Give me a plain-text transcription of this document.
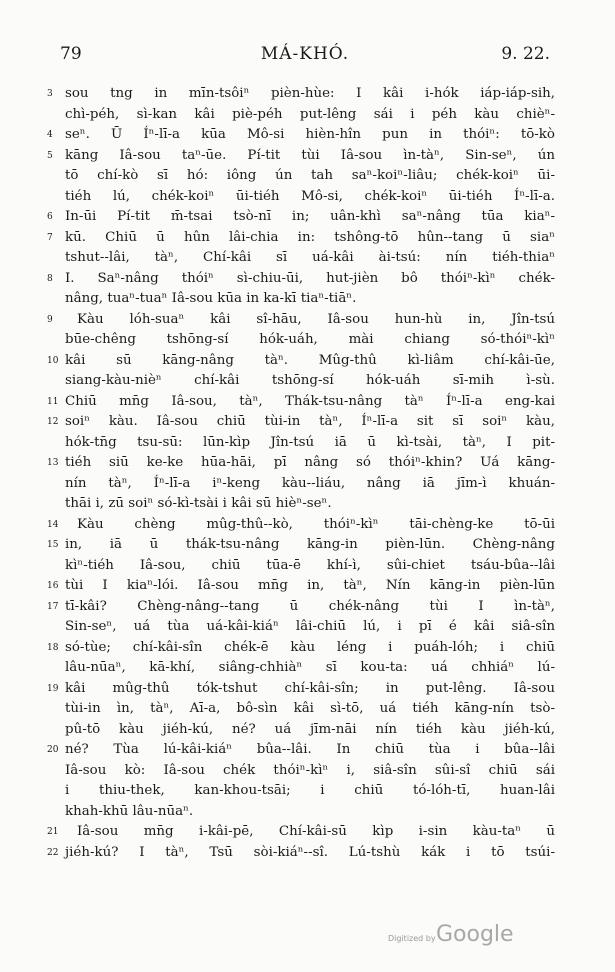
79	MÁ-KHÓ.	9. 22.
3 sou tng in mīn-tsôiⁿ pièn-hùe: I kâi i-hók iáp-iáp-sih,
chì-péh, sì-kan kâi piè-péh put-lêng sái i péh kàu chièⁿ-
4 seⁿ. Ū Íⁿ-lī-a kūa Mô-si hièn-hîn pun in thóiⁿ: tō-kò
5 kāng Iâ-sou taⁿ-ūe. Pí-tit tùi Iâ-sou ìn-tàⁿ, Sin-seⁿ, ún
tō chí-kò sī hó: iông ún tah saⁿ-koiⁿ-liâu; chék-koiⁿ ūi-
tiéh lú, chék-koiⁿ ūi-tiéh Mô-si, chék-koiⁿ ūi-tiéh Íⁿ-lī-a.
6 In-ūi Pí-tit m̄-tsai tsò-nī in; uân-khì saⁿ-nâng tūa kiaⁿ-
7 kū. Chiū ū hûn lâi-chia in: tshông-tō hûn--tang ū siaⁿ
tshut--lâi, tàⁿ, Chí-kâi sī uá-kâi ài-tsú: nín tiéh-thiaⁿ
8 I. Saⁿ-nâng thóiⁿ sì-chiu-ūi, hut-jièn bô thóiⁿ-kìⁿ chék-
nâng, tuaⁿ-tuaⁿ Iâ-sou kūa in ka-kī tiaⁿ-tiāⁿ.
9	Kàu lóh-suaⁿ kâi sî-hāu, Iâ-sou hun-hù in, Jîn-tsú
būe-chêng tshōng-sí hók-uáh, mài chiang só-thóiⁿ-kìⁿ
10 kâi sū kāng-nâng tàⁿ. Mûg-thû kì-liâm chí-kâi-ūe,
siang-kàu-nièⁿ chí-kâi tshōng-sí hók-uáh sī-mih ì-sù.
11 Chiū mn̄g Iâ-sou, tàⁿ, Thák-tsu-nâng tàⁿ Íⁿ-lī-a eng-kai
12 soiⁿ kàu. Iâ-sou chiū tùi-in tàⁿ, Íⁿ-lī-a sit sī soiⁿ kàu,
hók-tn̄g tsu-sū: lūn-kìp Jîn-tsú iā ū kì-tsài, tàⁿ, I pit-
13 tiéh siū ke-ke hūa-hāi, pī nâng só thóiⁿ-khin? Uá kāng-
nín tàⁿ, Íⁿ-lī-a iⁿ-keng kàu--liáu, nâng iā jīm-ì khuán-
thāi i, zū soiⁿ só-kì-tsài i kâi sū hièⁿ-seⁿ.
14	Kàu chèng mûg-thû--kò, thóiⁿ-kìⁿ tāi-chèng-ke tō-ūi
15 in, iā ū thák-tsu-nâng kāng-in pièn-lūn. Chèng-nâng
kìⁿ-tiéh Iâ-sou, chiū tūa-ē khí-ì, sûi-chiet tsáu-bûa--lâi
16 tùi I kiaⁿ-lói. Iâ-sou mn̄g in, tàⁿ, Nín kāng-in pièn-lūn
17 tī-kâi? Chèng-nâng--tang ū chék-nâng tùi I ìn-tàⁿ,
Sin-seⁿ, uá tùa uá-kâi-kiáⁿ lâi-chiū lú, i pī é kâi siâ-sîn
18 só-tùe; chí-kâi-sîn chék-ē kàu léng i puáh-lóh; i chiū
lâu-nūaⁿ, kā-khí, siâng-chhiàⁿ sī kou-ta: uá chhiáⁿ lú-
19 kâi mûg-thû tók-tshut chí-kâi-sîn; in put-lêng. Iâ-sou
tùi-in ìn, tàⁿ, Aī-a, bô-sìn kâi sì-tō, uá tiéh kāng-nín tsò-
pû-tō kàu jiéh-kú, né? uá jīm-nāi nín tiéh kàu jiéh-kú,
20 né? Tùa lú-kâi-kiáⁿ bûa--lâi. In chiū tùa i bûa--lâi
Iâ-sou kò: Iâ-sou chék thóiⁿ-kìⁿ i, siâ-sîn sûi-sî chiū sái
i thiu-thek, kan-khou-tsāi; i chiū tó-lóh-tī, huan-lâi
khah-khū lâu-nūaⁿ.
21	Iâ-sou mn̄g i-kâi-pē, Chí-kâi-sū kìp i-sin kàu-taⁿ ū
22 jiéh-kú? I tàⁿ, Tsū sòi-kiáⁿ--sî. Lú-tshù kák i tō tsúi-
Digitized by Google
